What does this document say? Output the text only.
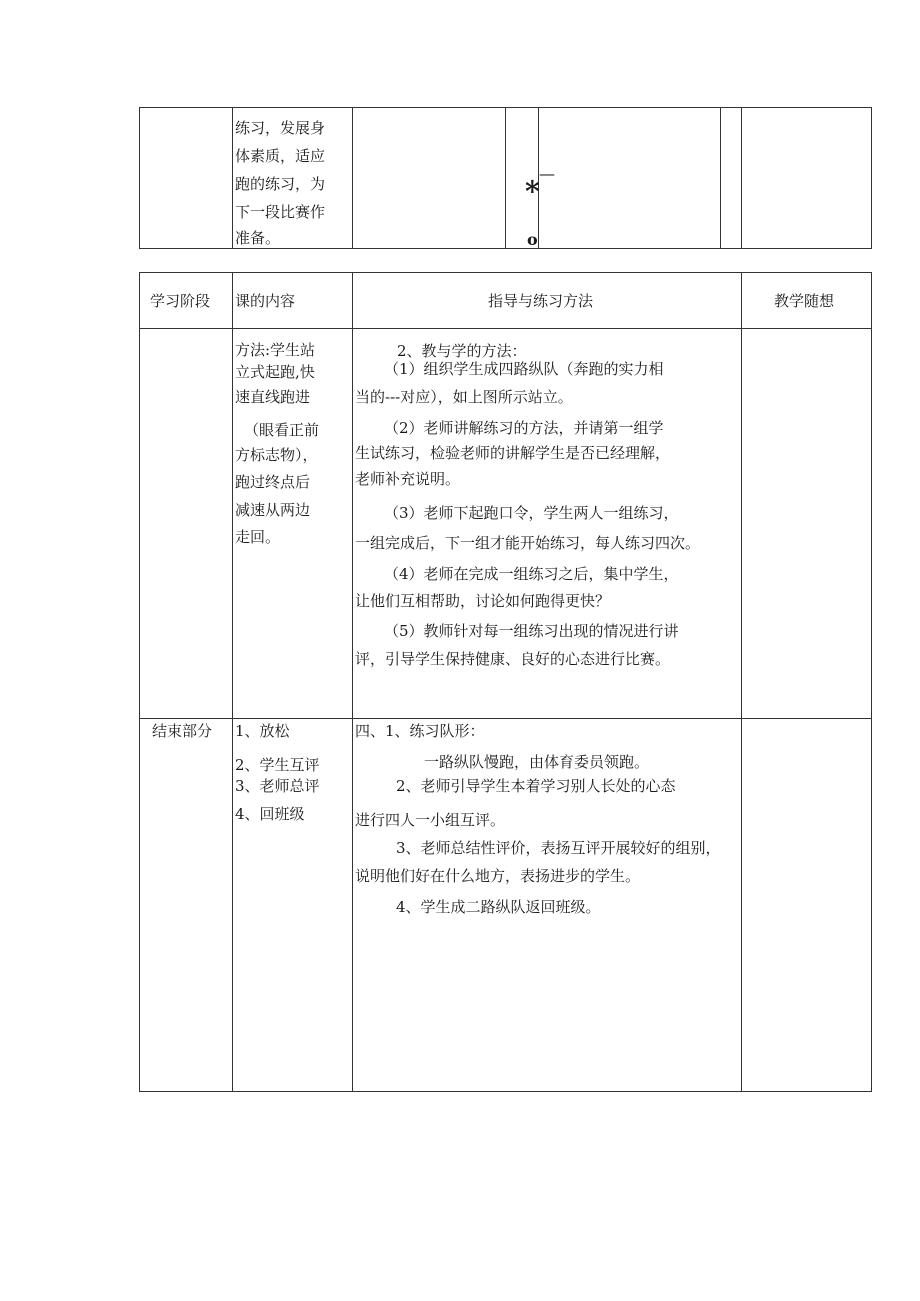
练习，发展身
体素质，适应
跑的练习，为
下一段比赛作
准备。
*
—
o
学习阶段 课的内容	指导与练习方法	教学随想
方法:学生站
立式起跑,快
速直线跑进
（眼看正前
方标志物），
跑过终点后
减速从两边
走回。
2、教与学的方法：
（1）组织学生成四路纵队（奔跑的实力相
当的---对应），如上图所示站立。
（2）老师讲解练习的方法，并请第一组学
生试练习，检验老师的讲解学生是否已经理解，
老师补充说明。
（3）老师下起跑口令，学生两人一组练习，
一组完成后，下一组才能开始练习，每人练习四次。
（4）老师在完成一组练习之后，集中学生，
让他们互相帮助，讨论如何跑得更快？
（5）教师针对每一组练习出现的情况进行讲
评，引导学生保持健康、良好的心态进行比赛。
结束部分 1、放松
2、学生互评
3、老师总评
4、回班级
四、1、练习队形：
一路纵队慢跑，由体育委员领跑。
2、老师引导学生本着学习别人长处的心态
进行四人一小组互评。
3、老师总结性评价，表扬互评开展较好的组别，
说明他们好在什么地方，表扬进步的学生。
4、学生成二路纵队返回班级。
